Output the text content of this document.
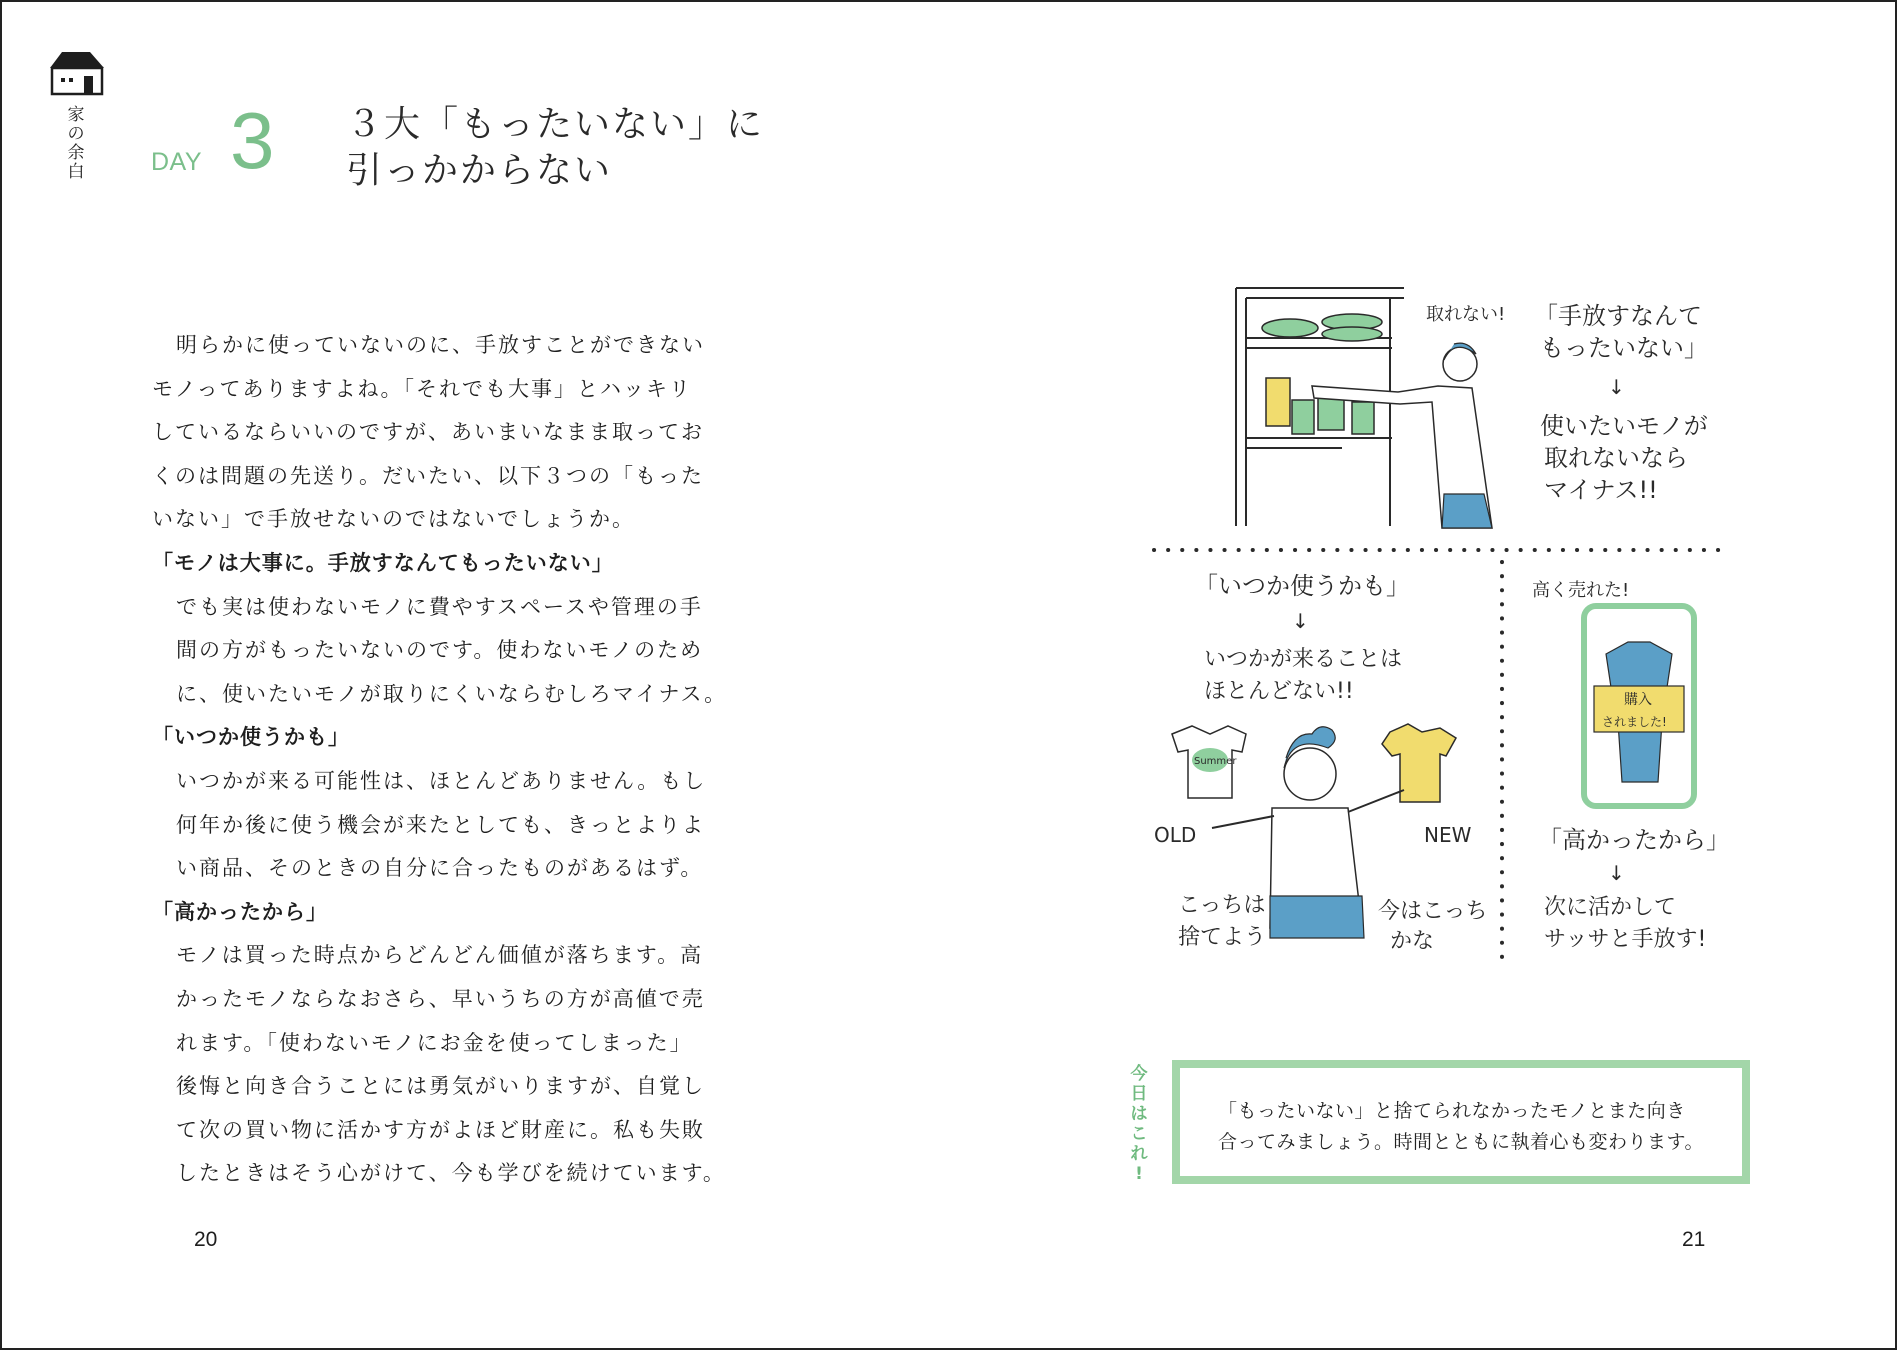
家
の
余
白	DAY 3 ３大「もったいない」に
引っかからない

明らかに使っていないのに、手放すことができない

モノってありますよね。「それでも大事」とハッキリ

しているならいいのですが、あいまいなまま取ってお

くのは問題の先送り。だいたい、以下３つの「もった

いない」で手放せないのではないでしょうか。

「モノは大事に。手放すなんてもったいない」

でも実は使わないモノに費やすスペースや管理の手

間の方がもったいないのです。使わないモノのため

に、使いたいモノが取りにくいならむしろマイナス。

「いつか使うかも」

いつかが来る可能性は、ほとんどありません。もし

何年か後に使う機会が来たとしても、きっとよりよ

い商品、そのときの自分に合ったものがあるはず。

「高かったから」

モノは買った時点からどんどん価値が落ちます。高

かったモノならなおさら、早いうちの方が高値で売

れます。「使わないモノにお金を使ってしまった」

後悔と向き合うことには勇気がいりますが、自覚し

て次の買い物に活かす方がよほど財産に。私も失敗

したときはそう心がけて、今も学びを続けています。

20	21
取れない! 「手放すなんて
もったいない」
↓
使いたいモノが
取れないなら
マイナス!!
「いつか使うかも」
↓
いつかが来ることは
ほとんどない!!
Summer
OLD	NEW
こっちは
捨てよう
今はこっち
かな
高く売れた!
購入
されました!
「高かったから」
↓
次に活かして
サッサと手放す!
今
日
は
こ
れ
!
「もったいない」と捨てられなかったモノとまた向き
合ってみましょう。時間とともに執着心も変わります。
